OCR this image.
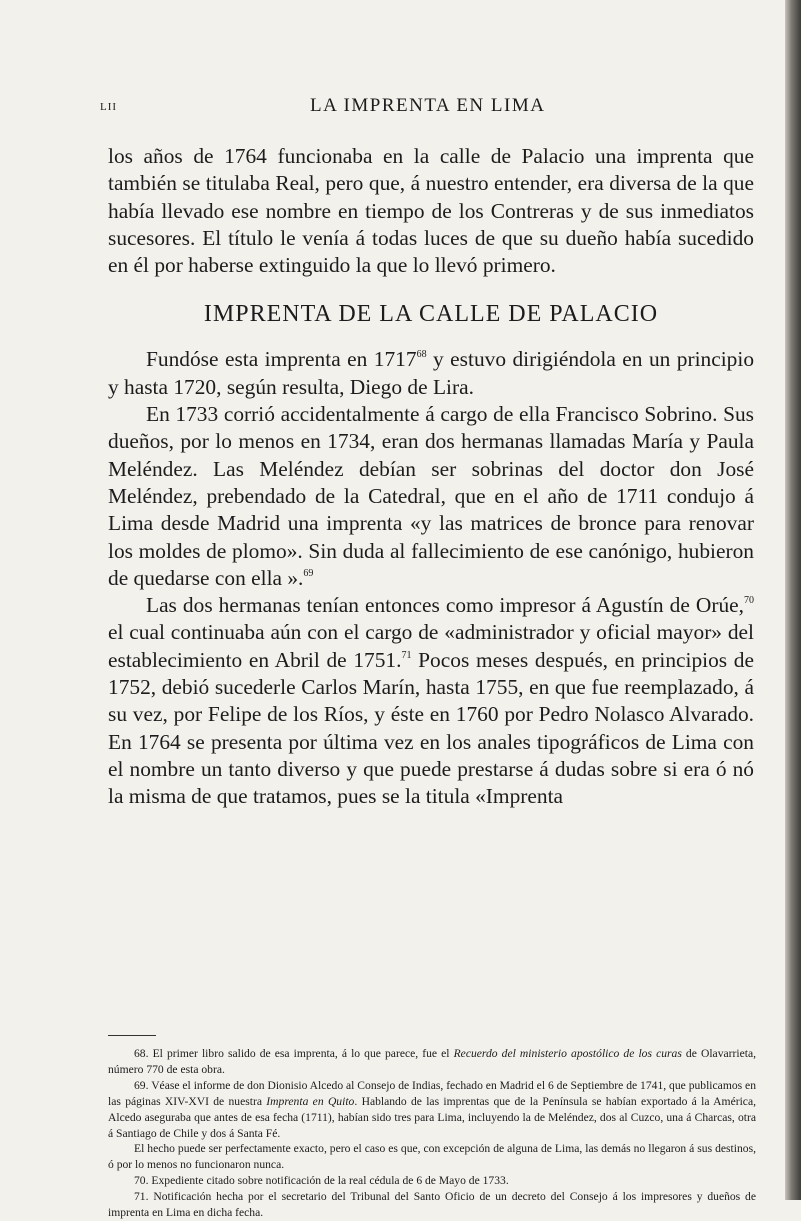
LII	LA IMPRENTA EN LIMA

los años de 1764 funcionaba en la calle de Palacio una imprenta que también se titulaba Real, pero que, á nuestro entender, era diversa de la que había llevado ese nombre en tiempo de los Contreras y de sus inmediatos sucesores. El título le venía á todas luces de que su dueño había sucedido en él por haberse extinguido la que lo llevó primero.

IMPRENTA DE LA CALLE DE PALACIO

Fundóse esta imprenta en 1717$^{68}$ y estuvo dirigiéndola en un principio y hasta 1720, según resulta, Diego de Lira.

En 1733 corrió accidentalmente á cargo de ella Francisco Sobrino. Sus dueños, por lo menos en 1734, eran dos hermanas llamadas María y Paula Meléndez. Las Meléndez debían ser sobrinas del doctor don José Meléndez, prebendado de la Catedral, que en el año de 1711 condujo á Lima desde Madrid una imprenta «y las matrices de bronce para renovar los moldes de plomo». Sin duda al fallecimiento de ese canónigo, hubieron de quedarse con ella ».$^{69}$

Las dos hermanas tenían entonces como impresor á Agustín de Orúe,$^{70}$ el cual continuaba aún con el cargo de «administrador y oficial mayor» del establecimiento en Abril de 1751.71 Pocos meses después, en principios de 1752, debió sucederle Carlos Marín, hasta 1755, en que fue reemplazado, á su vez, por Felipe de los Ríos, y éste en 1760 por Pedro Nolasco Alvarado. En 1764 se presenta por última vez en los anales tipográficos de Lima con el nombre un tanto diverso y que puede prestarse á dudas sobre si era ó nó la misma de que tratamos, pues se la titula «Imprenta

68. El primer libro salido de esa imprenta, á lo que parece, fue el Recuerdo del ministerio apostólico de los curas de Olavarrieta, número 770 de esta obra.

69. Véase el informe de don Dionisio Alcedo al Consejo de Indias, fechado en Madrid el 6 de Septiembre de 1741, que publicamos en las páginas XIV-XVI de nuestra Imprenta en Quito. Hablando de las imprentas que de la Península se habían exportado á la América, Alcedo aseguraba que antes de esa fecha (1711), habían sido tres para Lima, incluyendo la de Meléndez, dos al Cuzco, una á Charcas, otra á Santiago de Chile y dos á Santa Fé.

El hecho puede ser perfectamente exacto, pero el caso es que, con excepción de alguna de Lima, las demás no llegaron á sus destinos, ó por lo menos no funcionaron nunca.

70. Expediente citado sobre notificación de la real cédula de 6 de Mayo de 1733.

71. Notificación hecha por el secretario del Tribunal del Santo Oficio de un decreto del Consejo á los impresores y dueños de imprenta en Lima en dicha fecha.
